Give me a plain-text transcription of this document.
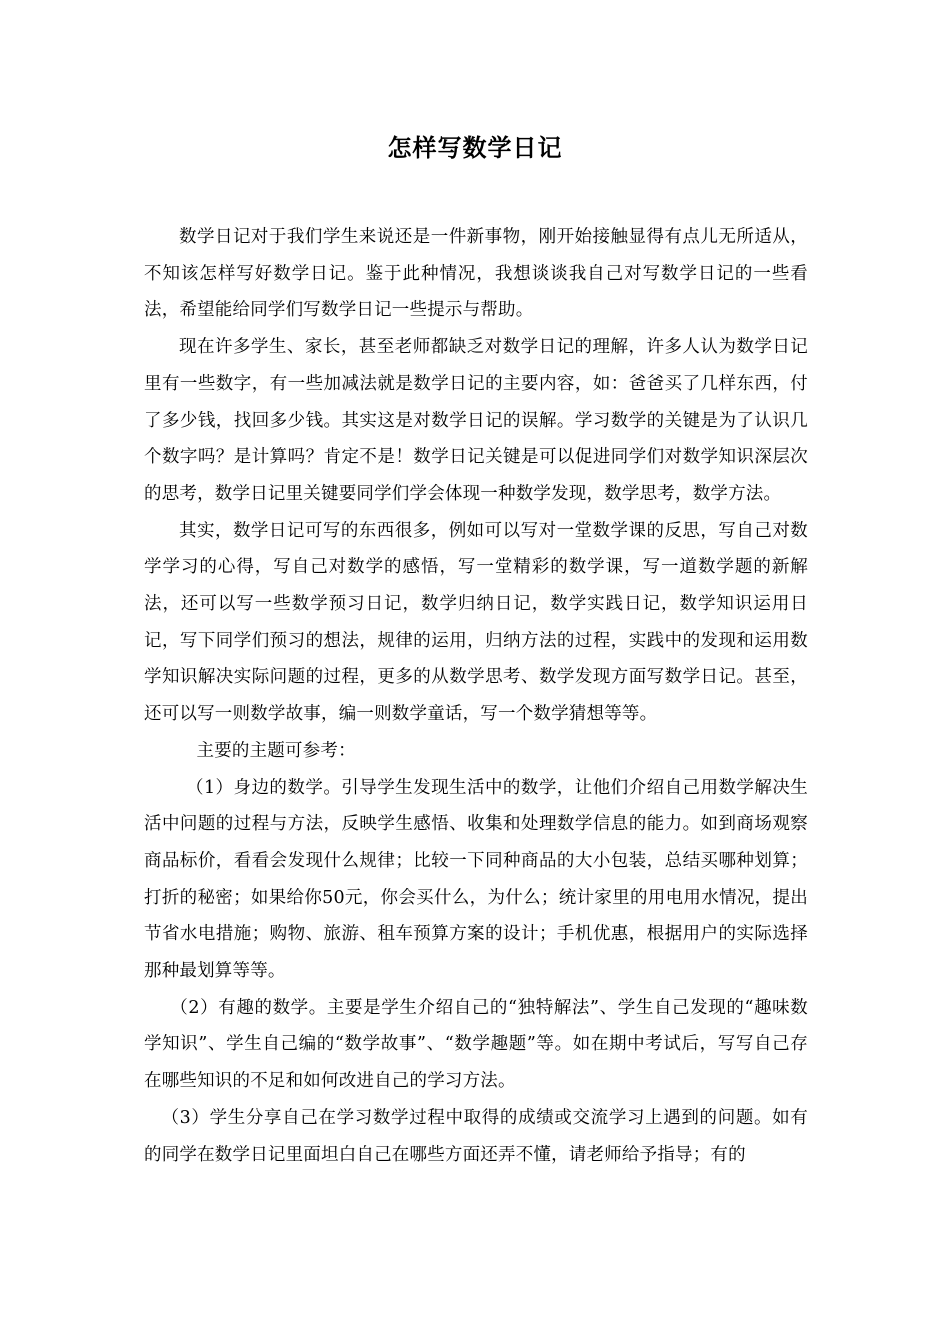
怎样写数学日记

数学日记对于我们学生来说还是一件新事物，刚开始接触显得有点儿无所适从，不知该怎样写好数学日记。鉴于此种情况，我想谈谈我自己对写数学日记的一些看法，希望能给同学们写数学日记一些提示与帮助。

现在许多学生、家长，甚至老师都缺乏对数学日记的理解，许多人认为数学日记里有一些数字，有一些加减法就是数学日记的主要内容，如：爸爸买了几样东西，付了多少钱，找回多少钱。其实这是对数学日记的误解。学习数学的关键是为了认识几个数字吗？是计算吗？肯定不是！数学日记关键是可以促进同学们对数学知识深层次的思考，数学日记里关键要同学们学会体现一种数学发现，数学思考，数学方法。

其实，数学日记可写的东西很多，例如可以写对一堂数学课的反思，写自己对数学学习的心得，写自己对数学的感悟，写一堂精彩的数学课，写一道数学题的新解法，还可以写一些数学预习日记，数学归纳日记，数学实践日记，数学知识运用日记，写下同学们预习的想法，规律的运用，归纳方法的过程，实践中的发现和运用数学知识解决实际问题的过程，更多的从数学思考、数学发现方面写数学日记。甚至，还可以写一则数学故事，编一则数学童话，写一个数学猜想等等。

主要的主题可参考：

（1）身边的数学。引导学生发现生活中的数学，让他们介绍自己用数学解决生活中问题的过程与方法，反映学生感悟、收集和处理数学信息的能力。如到商场观察商品标价，看看会发现什么规律；比较一下同种商品的大小包装，总结买哪种划算；打折的秘密；如果给你50元，你会买什么，为什么；统计家里的用电用水情况，提出节省水电措施；购物、旅游、租车预算方案的设计；手机优惠，根据用户的实际选择那种最划算等等。

（2）有趣的数学。主要是学生介绍自己的“独特解法”、学生自己发现的“趣味数学知识”、学生自己编的“数学故事”、“数学趣题”等。如在期中考试后，写写自己存在哪些知识的不足和如何改进自己的学习方法。

（3）学生分享自己在学习数学过程中取得的成绩或交流学习上遇到的问题。如有的同学在数学日记里面坦白自己在哪些方面还弄不懂，请老师给予指导；有的
